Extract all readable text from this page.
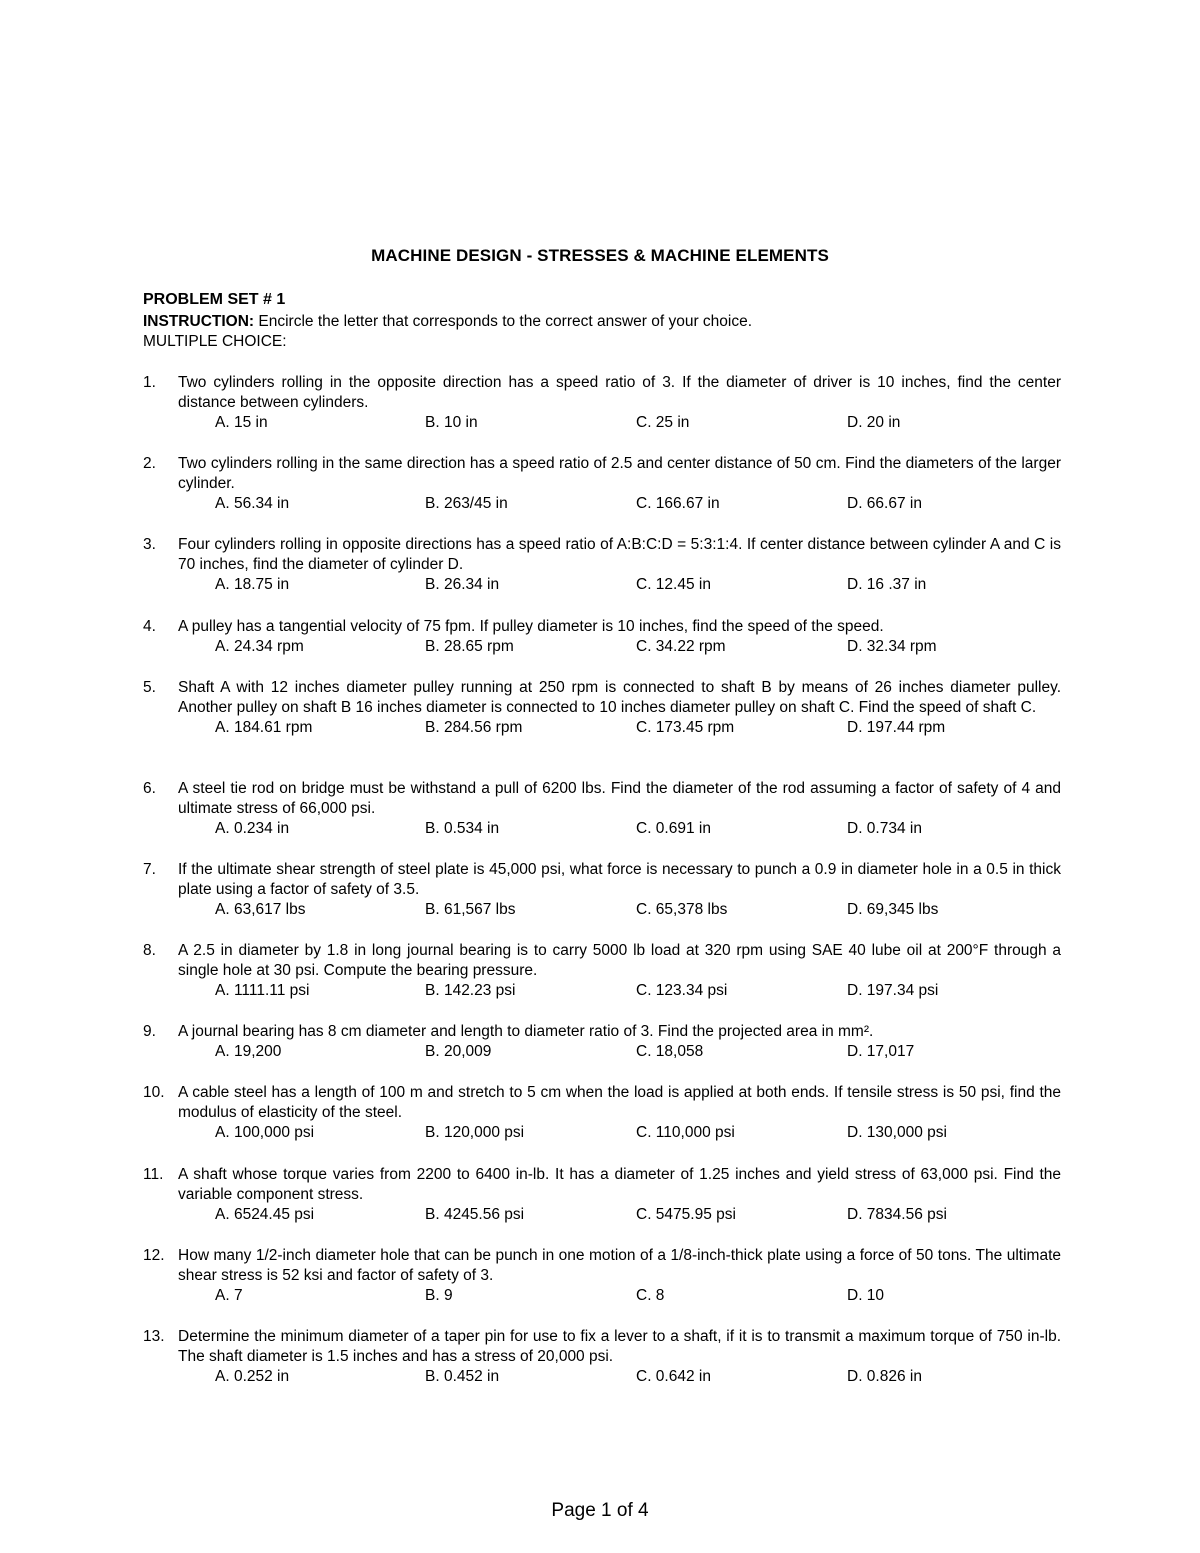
MACHINE DESIGN - STRESSES & MACHINE ELEMENTS
PROBLEM SET # 1
INSTRUCTION: Encircle the letter that corresponds to the correct answer of your choice.
MULTIPLE CHOICE:
1. Two cylinders rolling in the opposite direction has a speed ratio of 3. If the diameter of driver is 10 inches, find the center distance between cylinders.
A. 15 in	B. 10 in	C. 25 in	D. 20 in
2. Two cylinders rolling in the same direction has a speed ratio of 2.5 and center distance of 50 cm. Find the diameters of the larger cylinder.
A. 56.34 in	B. 263/45 in	C. 166.67 in	D. 66.67 in
3. Four cylinders rolling in opposite directions has a speed ratio of A:B:C:D = 5:3:1:4. If center distance between cylinder A and C is 70 inches, find the diameter of cylinder D.
A. 18.75 in	B. 26.34 in	C. 12.45 in	D. 16 .37 in
4. A pulley has a tangential velocity of 75 fpm. If pulley diameter is 10 inches, find the speed of the speed.
A. 24.34 rpm	B. 28.65 rpm	C. 34.22 rpm	D. 32.34 rpm
5. Shaft A with 12 inches diameter pulley running at 250 rpm is connected to shaft B by means of 26 inches diameter pulley. Another pulley on shaft B 16 inches diameter is connected to 10 inches diameter pulley on shaft C. Find the speed of shaft C.
A. 184.61 rpm	B. 284.56 rpm	C. 173.45 rpm	D. 197.44 rpm
6. A steel tie rod on bridge must be withstand a pull of 6200 lbs. Find the diameter of the rod assuming a factor of safety of 4 and ultimate stress of 66,000 psi.
A. 0.234 in	B. 0.534 in	C. 0.691 in	D. 0.734 in
7. If the ultimate shear strength of steel plate is 45,000 psi, what force is necessary to punch a 0.9 in diameter hole in a 0.5 in thick plate using a factor of safety of 3.5.
A. 63,617 lbs	B. 61,567 lbs	C. 65,378 lbs	D. 69,345 lbs
8. A 2.5 in diameter by 1.8 in long journal bearing is to carry 5000 lb load at 320 rpm using SAE 40 lube oil at 200°F through a single hole at 30 psi. Compute the bearing pressure.
A. 1111.11 psi	B. 142.23 psi	C. 123.34 psi	D. 197.34 psi
9. A journal bearing has 8 cm diameter and length to diameter ratio of 3. Find the projected area in mm².
A. 19,200	B. 20,009	C. 18,058	D. 17,017
10. A cable steel has a length of 100 m and stretch to 5 cm when the load is applied at both ends. If tensile stress is 50 psi, find the modulus of elasticity of the steel.
A. 100,000 psi	B. 120,000 psi	C. 110,000 psi	D. 130,000 psi
11. A shaft whose torque varies from 2200 to 6400 in-lb. It has a diameter of 1.25 inches and yield stress of 63,000 psi. Find the variable component stress.
A. 6524.45 psi	B. 4245.56 psi	C. 5475.95 psi	D. 7834.56 psi
12. How many 1/2-inch diameter hole that can be punch in one motion of a 1/8-inch-thick plate using a force of 50 tons. The ultimate shear stress is 52 ksi and factor of safety of 3.
A. 7	B. 9	C. 8	D. 10
13. Determine the minimum diameter of a taper pin for use to fix a lever to a shaft, if it is to transmit a maximum torque of 750 in-lb. The shaft diameter is 1.5 inches and has a stress of 20,000 psi.
A. 0.252 in	B. 0.452 in	C. 0.642 in	D. 0.826 in
Page 1 of 4
